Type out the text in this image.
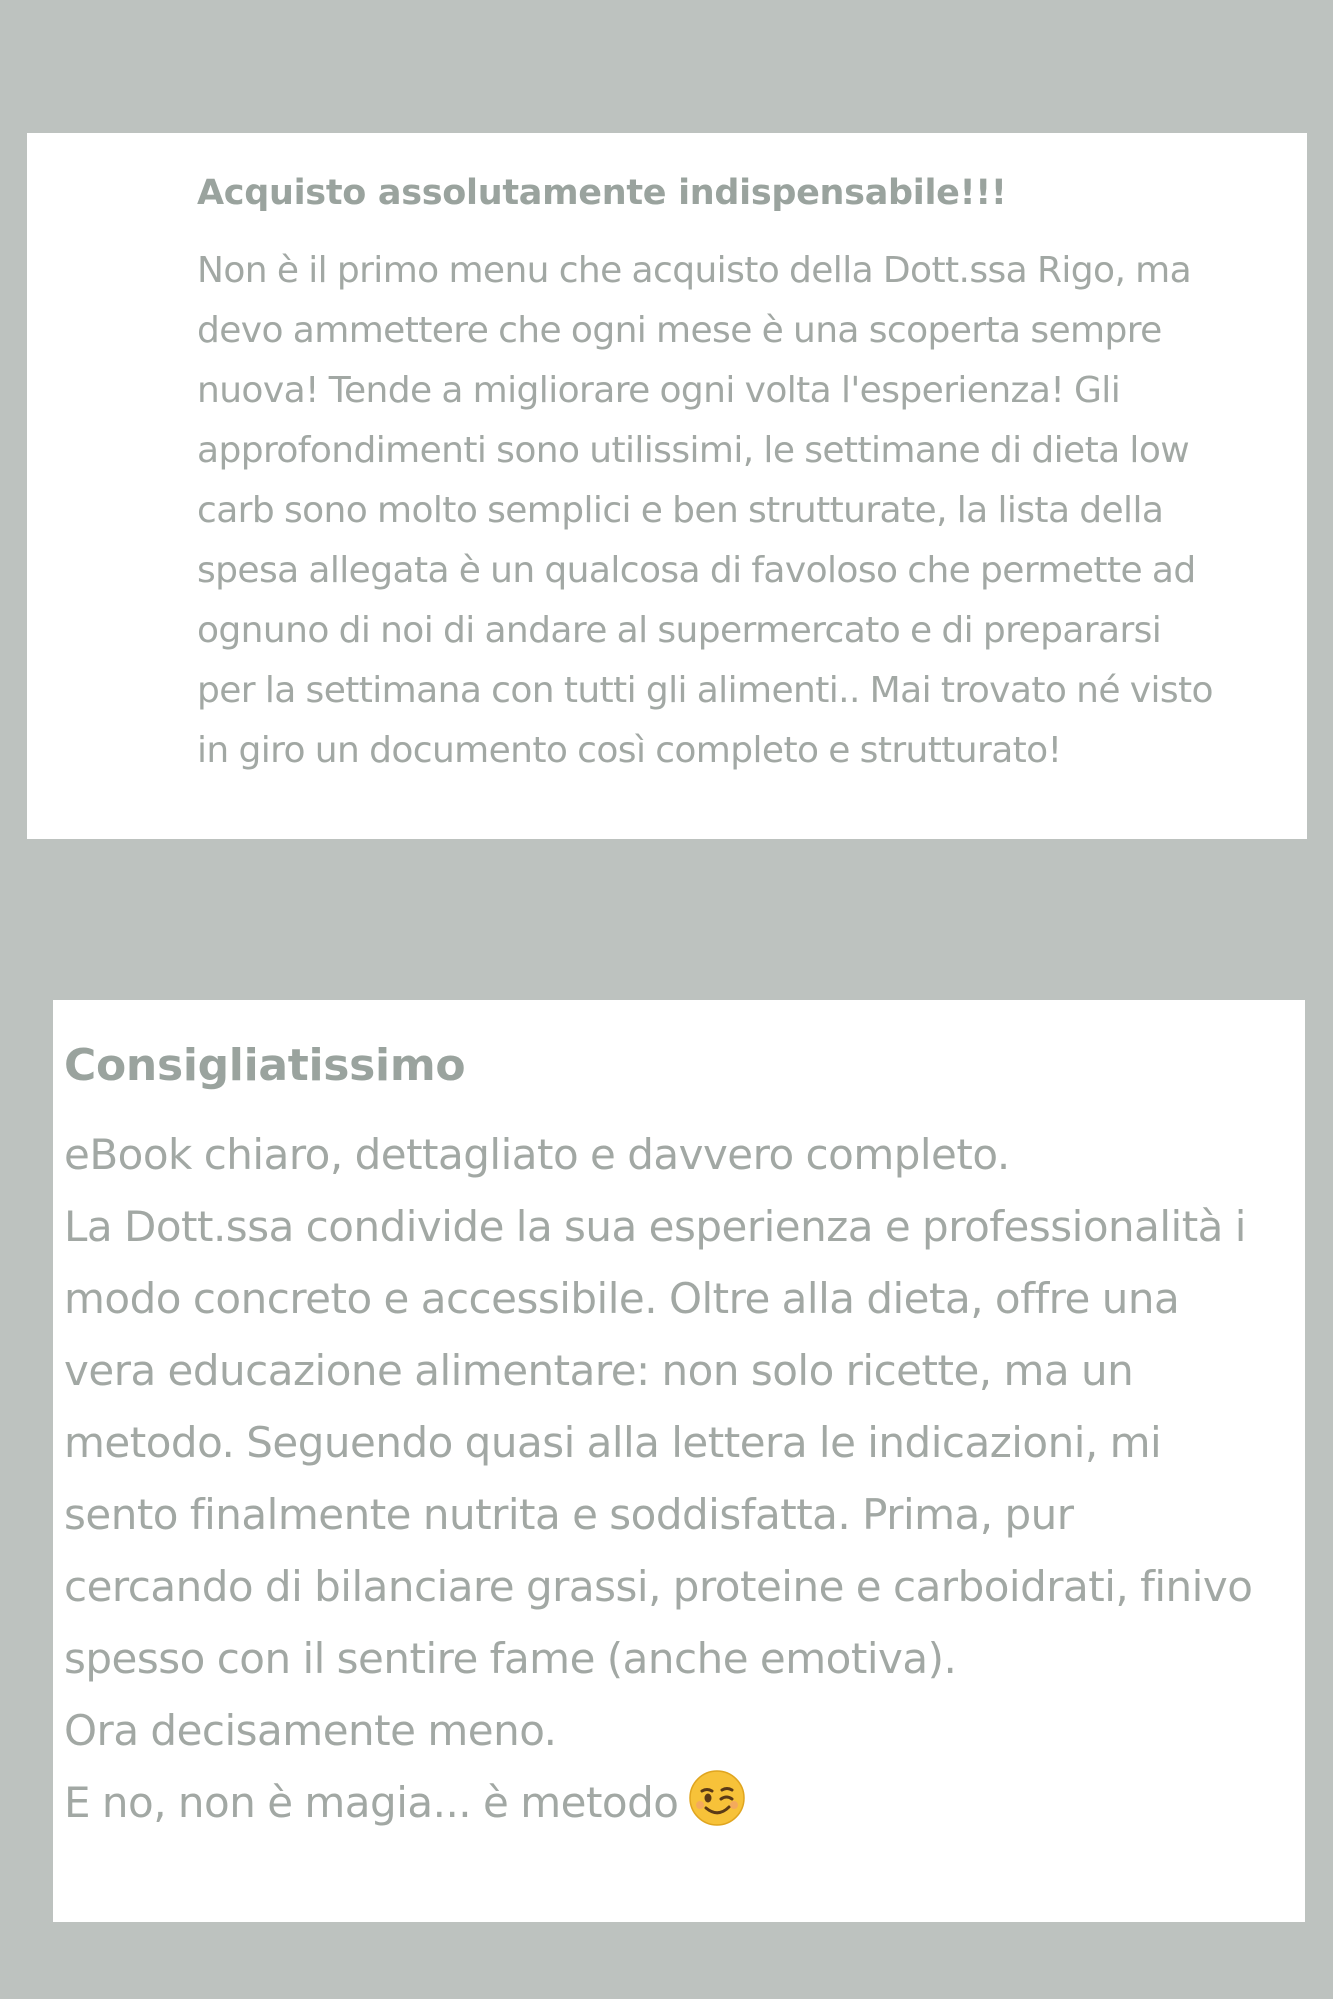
Acquisto assolutamente indispensabile!!!

Non è il primo menu che acquisto della Dott.ssa Rigo, ma
devo ammettere che ogni mese è una scoperta sempre
nuova! Tende a migliorare ogni volta l'esperienza! Gli
approfondimenti sono utilissimi, le settimane di dieta low
carb sono molto semplici e ben strutturate, la lista della
spesa allegata è un qualcosa di favoloso che permette ad
ognuno di noi di andare al supermercato e di prepararsi
per la settimana con tutti gli alimenti.. Mai trovato né visto
in giro un documento così completo e strutturato!

Consigliatissimo

eBook chiaro, dettagliato e davvero completo.
La Dott.ssa condivide la sua esperienza e professionalità i
modo concreto e accessibile. Oltre alla dieta, offre una
vera educazione alimentare: non solo ricette, ma un
metodo. Seguendo quasi alla lettera le indicazioni, mi
sento finalmente nutrita e soddisfatta. Prima, pur
cercando di bilanciare grassi, proteine e carboidrati, finivo
spesso con il sentire fame (anche emotiva).
Ora decisamente meno.
E no, non è magia... è metodo
